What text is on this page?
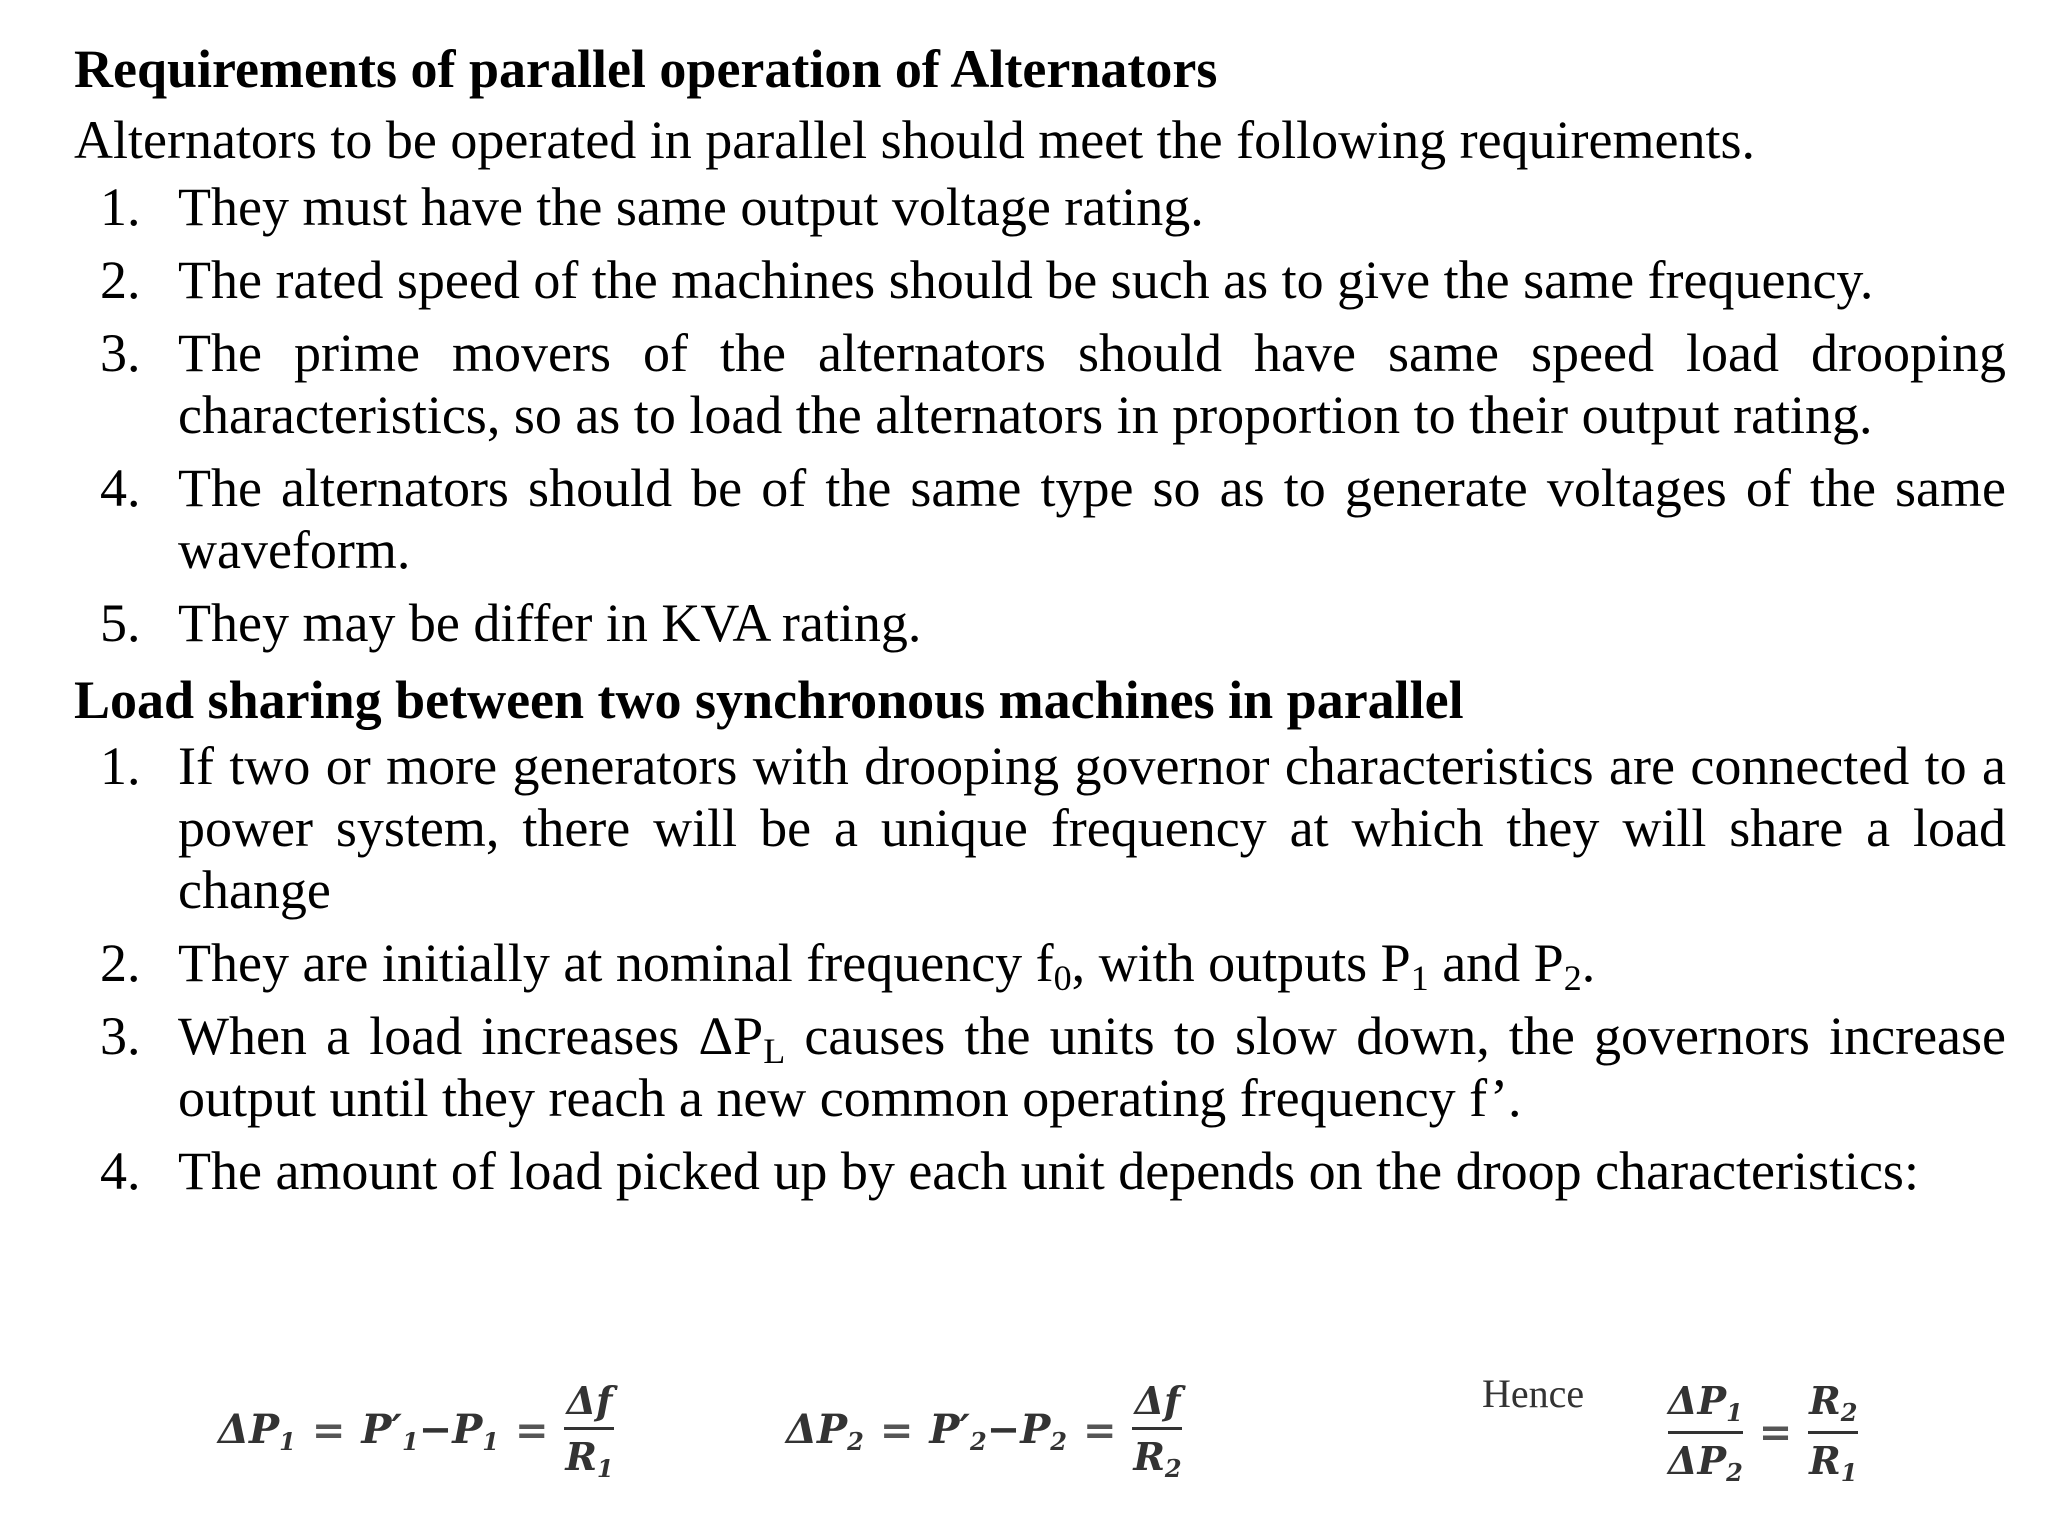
Requirements of parallel operation of Alternators

Alternators to be operated in parallel should meet the following requirements.

1. They must have the same output voltage rating.
2. The rated speed of the machines should be such as to give the same frequency.
3. The prime movers of the alternators should have same speed load drooping characteristics, so as to load the alternators in proportion to their output rating.
4. The alternators should be of the same type so as to generate voltages of the same waveform.
5. They may be differ in KVA rating.
Load sharing between two synchronous machines in parallel
1. If two or more generators with drooping governor characteristics are connected to a power system, there will be a unique frequency at which they will share a load change
2. They are initially at nominal frequency $f_0$, with outputs $P_1$ and $P_2$.
3. When a load increases $\Delta P_L$ causes the units to slow down, the governors increase output until they reach a new common operating frequency f’.
4. The amount of load picked up by each unit depends on the droop characteristics:
$\Delta P1 = P'1-P1 = \frac{\Delta f}{R1}$	$\Delta P2 = P'2-P2 = \frac{\Delta f}{R2}$	Hence $\frac{\Delta P1}{\Delta P2} = \frac{R2}{R1}$
